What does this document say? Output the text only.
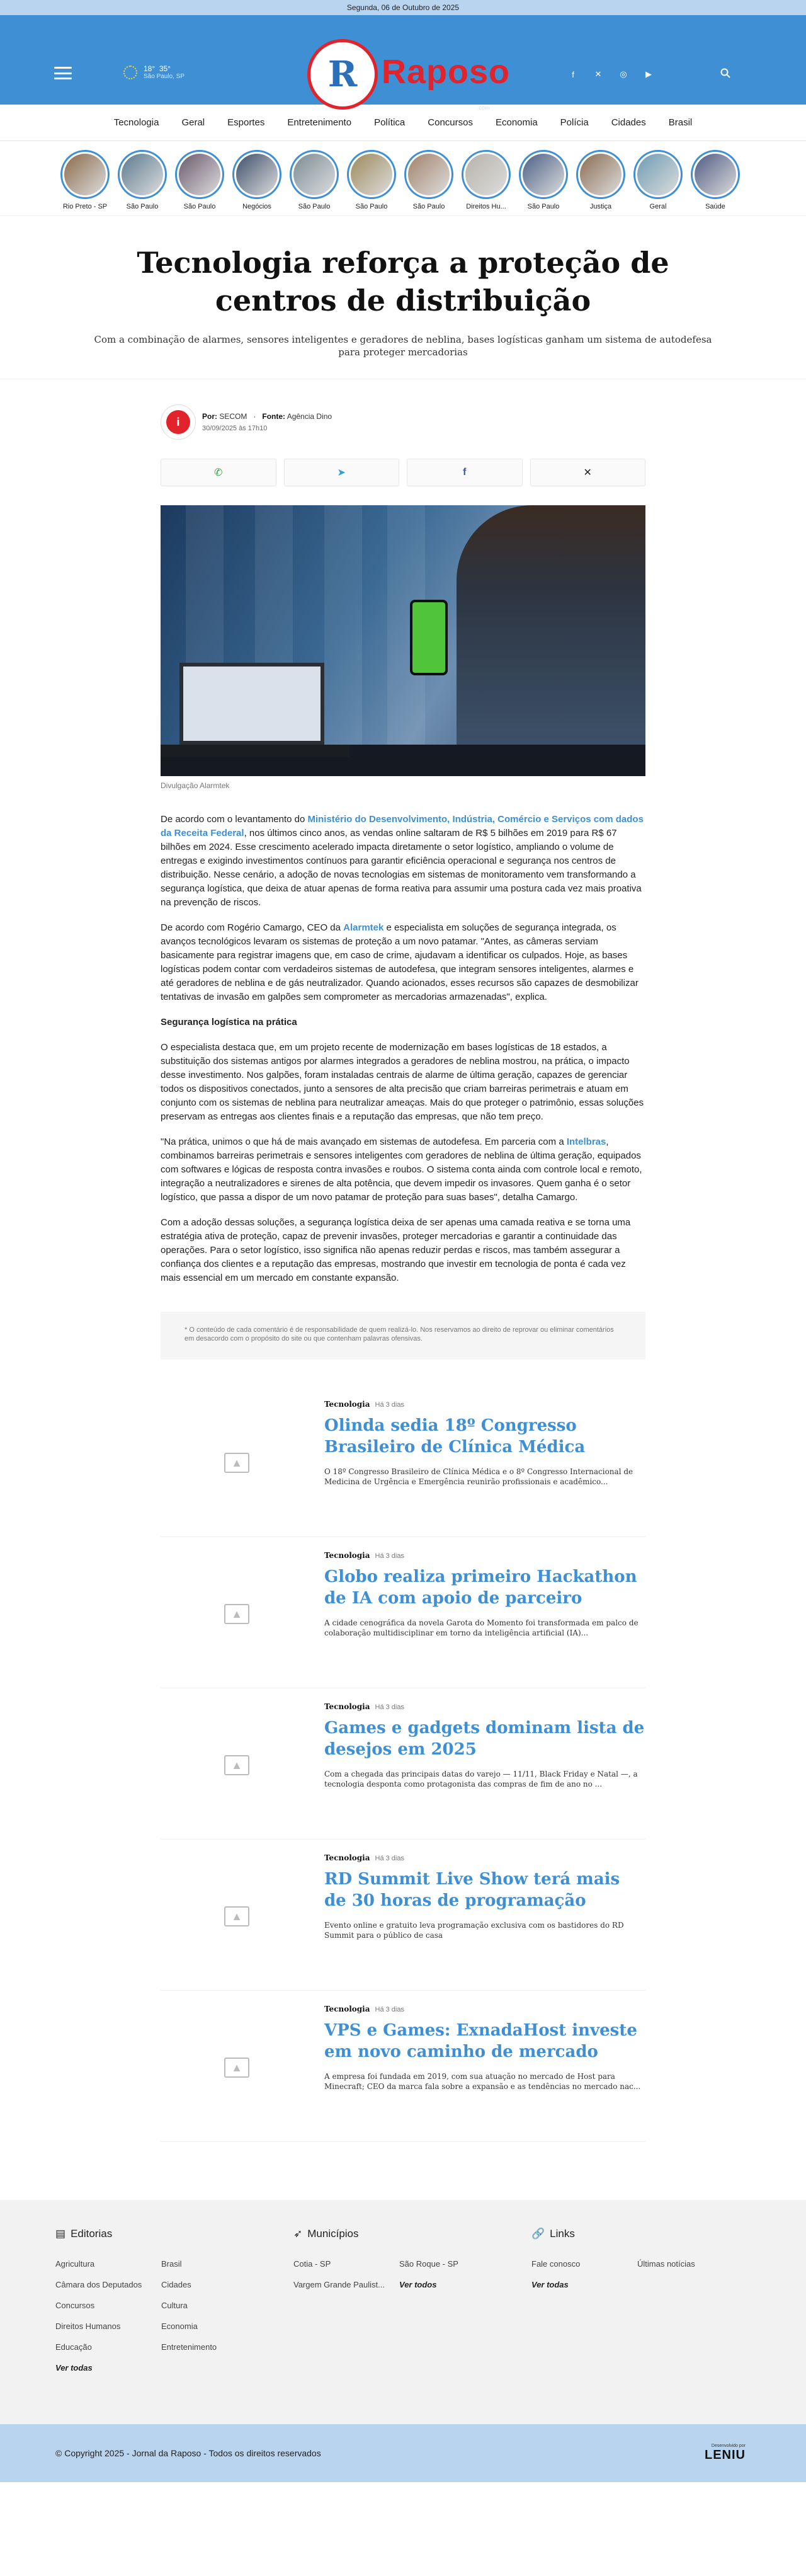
Segunda, 06 de Outubro de 2025
18° 35°
São Paulo, SP	R Raposo
.com
f	✕ ◎ ▶
Tecnologia	Geral	Esportes	Entretenimento	Política	Concursos	Economia	Polícia	Cidades	Brasil
Rio Preto - SP	São Paulo	São Paulo	Negócios	São Paulo	São Paulo	São Paulo	Direitos Hu...	São Paulo	Justiça	Geral	Saúde
Tecnologia reforça a proteção de centros de distribuição

Com a combinação de alarmes, sensores inteligentes e geradores de neblina, bases logísticas ganham um sistema de autodefesa para proteger mercadorias

i	Por: SECOM   ·   Fonte: Agência Dino
30/09/2025 às 17h10
✆	➤	f	✕
Divulgação Alarmtek

De acordo com o levantamento do Ministério do Desenvolvimento, Indústria, Comércio e Serviços com dados da Receita Federal, nos últimos cinco anos, as vendas online saltaram de R$ 5 bilhões em 2019 para R$ 67 bilhões em 2024. Esse crescimento acelerado impacta diretamente o setor logístico, ampliando o volume de entregas e exigindo investimentos contínuos para garantir eficiência operacional e segurança nos centros de distribuição. Nesse cenário, a adoção de novas tecnologias em sistemas de monitoramento vem transformando a segurança logística, que deixa de atuar apenas de forma reativa para assumir uma postura cada vez mais proativa na prevenção de riscos.

De acordo com Rogério Camargo, CEO da Alarmtek e especialista em soluções de segurança integrada, os avanços tecnológicos levaram os sistemas de proteção a um novo patamar. "Antes, as câmeras serviam basicamente para registrar imagens que, em caso de crime, ajudavam a identificar os culpados. Hoje, as bases logísticas podem contar com verdadeiros sistemas de autodefesa, que integram sensores inteligentes, alarmes e até geradores de neblina e de gás neutralizador. Quando acionados, esses recursos são capazes de desmobilizar tentativas de invasão em galpões sem comprometer as mercadorias armazenadas", explica.

Segurança logística na prática

O especialista destaca que, em um projeto recente de modernização em bases logísticas de 18 estados, a substituição dos sistemas antigos por alarmes integrados a geradores de neblina mostrou, na prática, o impacto desse investimento. Nos galpões, foram instaladas centrais de alarme de última geração, capazes de gerenciar todos os dispositivos conectados, junto a sensores de alta precisão que criam barreiras perimetrais e atuam em conjunto com os sistemas de neblina para neutralizar ameaças. Mais do que proteger o patrimônio, essas soluções preservam as entregas aos clientes finais e a reputação das empresas, que não tem preço.

"Na prática, unimos o que há de mais avançado em sistemas de autodefesa. Em parceria com a Intelbras, combinamos barreiras perimetrais e sensores inteligentes com geradores de neblina de última geração, equipados com softwares e lógicas de resposta contra invasões e roubos. O sistema conta ainda com controle local e remoto, integração a neutralizadores e sirenes de alta potência, que devem impedir os invasores. Quem ganha é o setor logístico, que passa a dispor de um novo patamar de proteção para suas bases", detalha Camargo.

Com a adoção dessas soluções, a segurança logística deixa de ser apenas uma camada reativa e se torna uma estratégia ativa de proteção, capaz de prevenir invasões, proteger mercadorias e garantir a continuidade das operações. Para o setor logístico, isso significa não apenas reduzir perdas e riscos, mas também assegurar a confiança dos clientes e a reputação das empresas, mostrando que investir em tecnologia de ponta é cada vez mais essencial em um mercado em constante expansão.

* O conteúdo de cada comentário é de responsabilidade de quem realizá-lo. Nos reservamos ao direito de reprovar ou eliminar comentários em desacordo com o propósito do site ou que contenham palavras ofensivas.
▲
Tecnologia Há 3 dias
Olinda sedia 18º Congresso Brasileiro de Clínica Médica
O 18º Congresso Brasileiro de Clínica Médica e o 8º Congresso Internacional de Medicina de Urgência e Emergência reunirão profissionais e acadêmico...
▲
Tecnologia Há 3 dias
Globo realiza primeiro Hackathon de IA com apoio de parceiro
A cidade cenográfica da novela Garota do Momento foi transformada em palco de colaboração multidisciplinar em torno da inteligência artificial (IA)...
▲
Tecnologia Há 3 dias
Games e gadgets dominam lista de desejos em 2025
Com a chegada das principais datas do varejo — 11/11, Black Friday e Natal —, a tecnologia desponta como protagonista das compras de fim de ano no ...
▲
Tecnologia Há 3 dias
RD Summit Live Show terá mais de 30 horas de programação
Evento online e gratuito leva programação exclusiva com os bastidores do RD Summit para o público de casa
▲
Tecnologia Há 3 dias
VPS e Games: ExnadaHost investe em novo caminho de mercado
A empresa foi fundada em 2019, com sua atuação no mercado de Host para Minecraft; CEO da marca fala sobre a expansão e as tendências no mercado nac...
▤ Editorias
Agricultura	Brasil
Câmara dos Deputados	Cidades
Concursos	Cultura
Direitos Humanos	Economia
Educação	Entretenimento
Ver todas
➶ Municípios
Cotia - SP	São Roque - SP
Vargem Grande Paulist...	Ver todos
🔗 Links
Fale conosco	Últimas notícias
Ver todas
© Copyright 2025 - Jornal da Raposo - Todos os direitos reservados
Desenvolvido por
LENIU
